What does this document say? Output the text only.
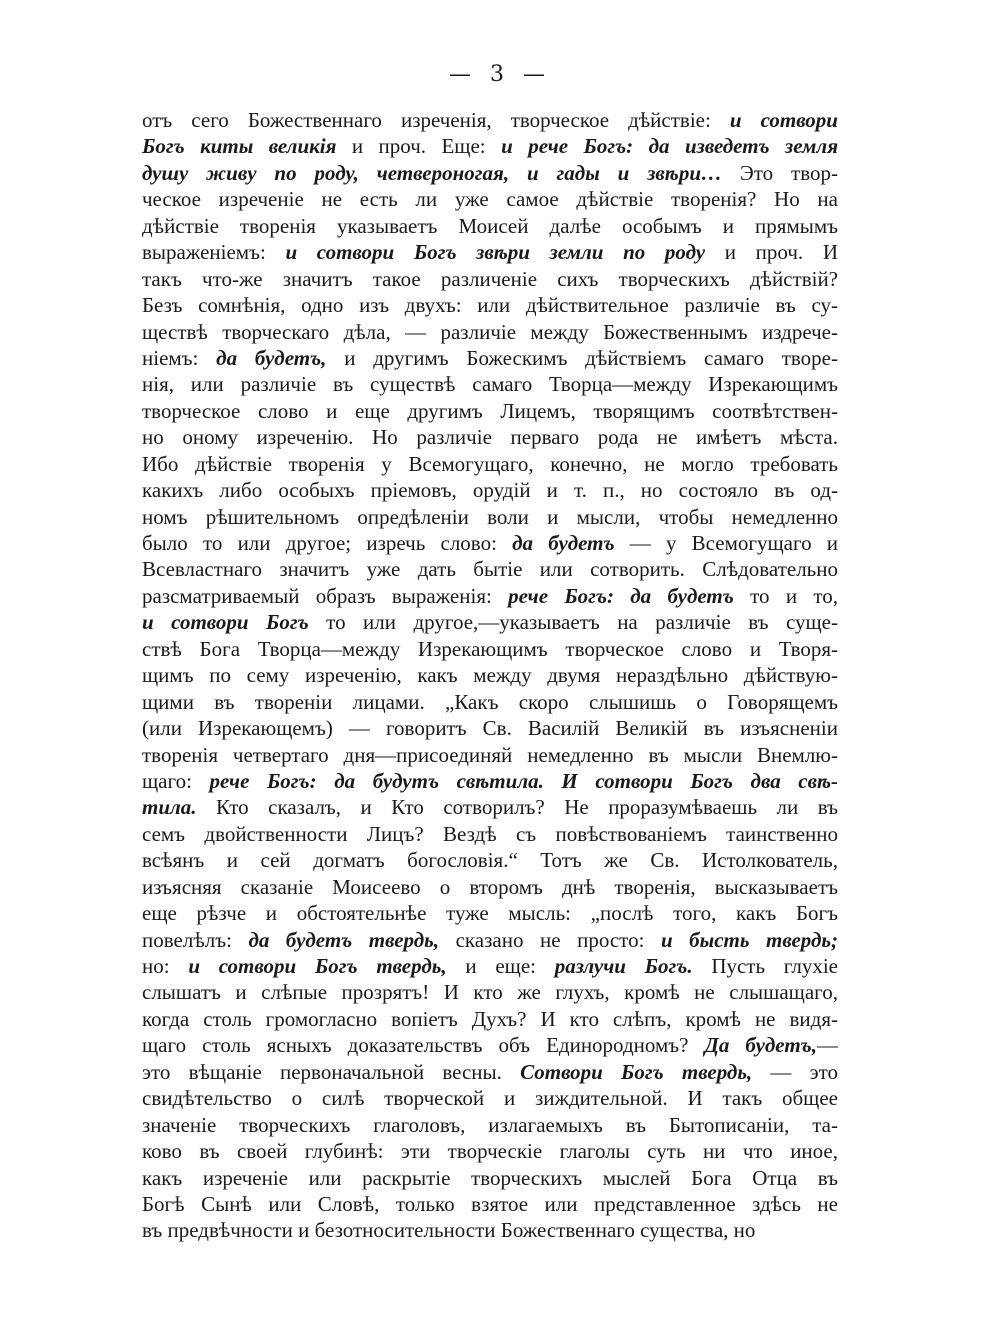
— 3 —
отъ сего Божественнаго изреченія, творческое дѣйствіе: и сотвори
Богъ киты великія и проч. Еще: и рече Богъ: да изведетъ земля
душу живу по роду, четвероногая, и гады и звѣри… Это твор-
ческое изреченіе не есть ли уже самое дѣйствіе творенія? Но на
дѣйствіе творенія указываетъ Моисей далѣе особымъ и прямымъ
выраженіемъ: и сотвори Богъ звѣри земли по роду и проч. И
такъ что-же значитъ такое различеніе сихъ творческихъ дѣйствій?
Безъ сомнѣнія, одно изъ двухъ: или дѣйствительное различіе въ су-
ществѣ творческаго дѣла, — различіе между Божественнымъ издрече-
ніемъ: да будетъ, и другимъ Божескимъ дѣйствіемъ самаго творе-
нія, или различіе въ существѣ самаго Творца—между Изрекающимъ
творческое слово и еще другимъ Лицемъ, творящимъ соотвѣтствен-
но оному изреченію. Но различіе перваго рода не имѣетъ мѣста.
Ибо дѣйствіе творенія у Всемогущаго, конечно, не могло требовать
какихъ либо особыхъ пріемовъ, орудій и т. п., но состояло въ од-
номъ рѣшительномъ опредѣленіи воли и мысли, чтобы немедленно
было то или другое; изречь слово: да будетъ — у Всемогущаго и
Всевластнаго значитъ уже дать бытіе или сотворить. Слѣдовательно
разсматриваемый образъ выраженія: рече Богъ: да будетъ то и то,
и сотвори Богъ то или другое,—указываетъ на различіе въ суще-
ствѣ Бога Творца—между Изрекающимъ творческое слово и Творя-
щимъ по сему изреченію, какъ между двумя нераздѣльно дѣйствую-
щими въ твореніи лицами. „Какъ скоро слышишь о Говорящемъ
(или Изрекающемъ) — говоритъ Св. Василій Великій въ изъясненіи
творенія четвертаго дня—присоединяй немедленно въ мысли Внемлю-
щаго: рече Богъ: да будутъ свѣтила. И сотвори Богъ два свѣ-
тила. Кто сказалъ, и Кто сотворилъ? Не проразумѣваешь ли въ
семъ двойственности Лицъ? Вездѣ съ повѣствованіемъ таинственно
всѣянъ и сей догматъ богословія.“ Тотъ же Св. Истолкователь,
изъясняя сказаніе Моисеево о второмъ днѣ творенія, высказываетъ
еще рѣзче и обстоятельнѣе туже мысль: „послѣ того, какъ Богъ
повелѣлъ: да будетъ твердь, сказано не просто: и бысть твердь;
но: и сотвори Богъ твердь, и еще: разлучи Богъ. Пусть глухіе
слышатъ и слѣпые прозрятъ! И кто же глухъ, кромѣ не слышащаго,
когда столь громогласно вопіетъ Духъ? И кто слѣпъ, кромѣ не видя-
щаго столь ясныхъ доказательствъ объ Единородномъ? Да будетъ,—
это вѣщаніе первоначальной весны. Сотвори Богъ твердь, — это
свидѣтельство о силѣ творческой и зиждительной. И такъ общее
значеніе творческихъ глаголовъ, излагаемыхъ въ Бытописаніи, та-
ково въ своей глубинѣ: эти творческіе глаголы суть ни что иное,
какъ изреченіе или раскрытіе творческихъ мыслей Бога Отца въ
Богѣ Сынѣ или Словѣ, только взятое или представленное здѣсь не
въ предвѣчности и безотносительности Божественнаго существа, но
